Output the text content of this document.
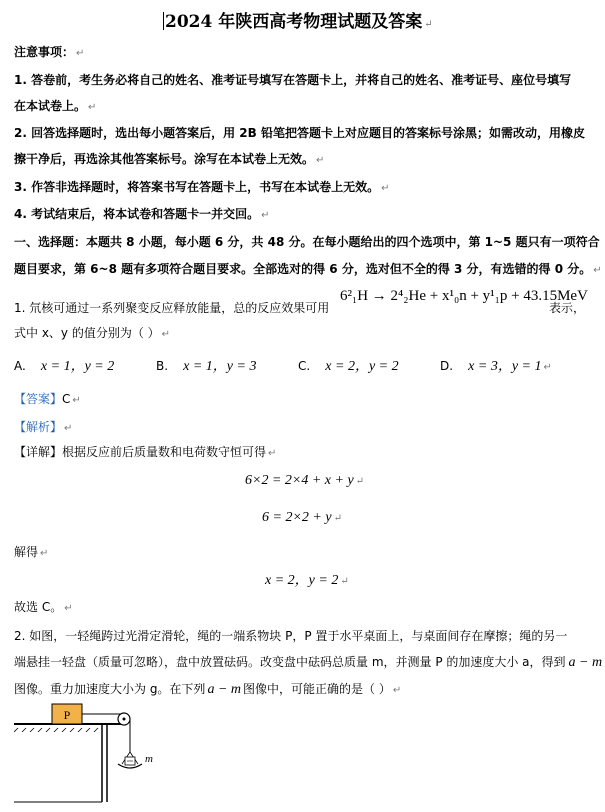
2024 年陕西高考物理试题及答案 ↵
注意事项： ↵
1. 答卷前，考生务必将自己的姓名、准考证号填写在答题卡上，并将自己的姓名、准考证号、座位号填写
在本试卷上。 ↵
2. 回答选择题时，选出每小题答案后，用 2B 铅笔把答题卡上对应题目的答案标号涂黑；如需改动，用橡皮
擦干净后，再选涂其他答案标号。涂写在本试卷上无效。 ↵
3. 作答非选择题时，将答案书写在答题卡上，书写在本试卷上无效。 ↵
4. 考试结束后，将本试卷和答题卡一并交回。 ↵
一、选择题：本题共 8 小题，每小题 6 分，共 48 分。在每小题给出的四个选项中，第 1~5 题只有一项符合
题目要求，第 6~8 题有多项符合题目要求。全部选对的得 6 分，选对但不全的得 3 分，有选错的得 0 分。 ↵
1. 氘核可通过一系列聚变反应释放能量，总的反应效果可用
6²₁H → 2⁴₂He + x¹₀n + y¹₁p + 43.15MeV
表示，
式中 x、y 的值分别为（ ） ↵
A. x = 1，y = 2	B. x = 1，y = 3	C. x = 2，y = 2	D. x = 3，y = 1 ↵
【答案】C ↵
【解析】 ↵
【详解】根据反应前后质量数和电荷数守恒可得 ↵
6×2 = 2×4 + x + y ↵
6 = 2×2 + y ↵
解得 ↵
x = 2，y = 2 ↵
故选 C。 ↵
2. 如图，一轻绳跨过光滑定滑轮，绳的一端系物块 P，P 置于水平桌面上，与桌面间存在摩擦；绳的另一
端悬挂一轻盘（质量可忽略），盘中放置砝码。改变盘中砝码总质量 m，并测量 P 的加速度大小 a，得到 a − m
图像。重力加速度大小为 g。在下列 a − m 图像中，可能正确的是（ ） ↵
P
m
